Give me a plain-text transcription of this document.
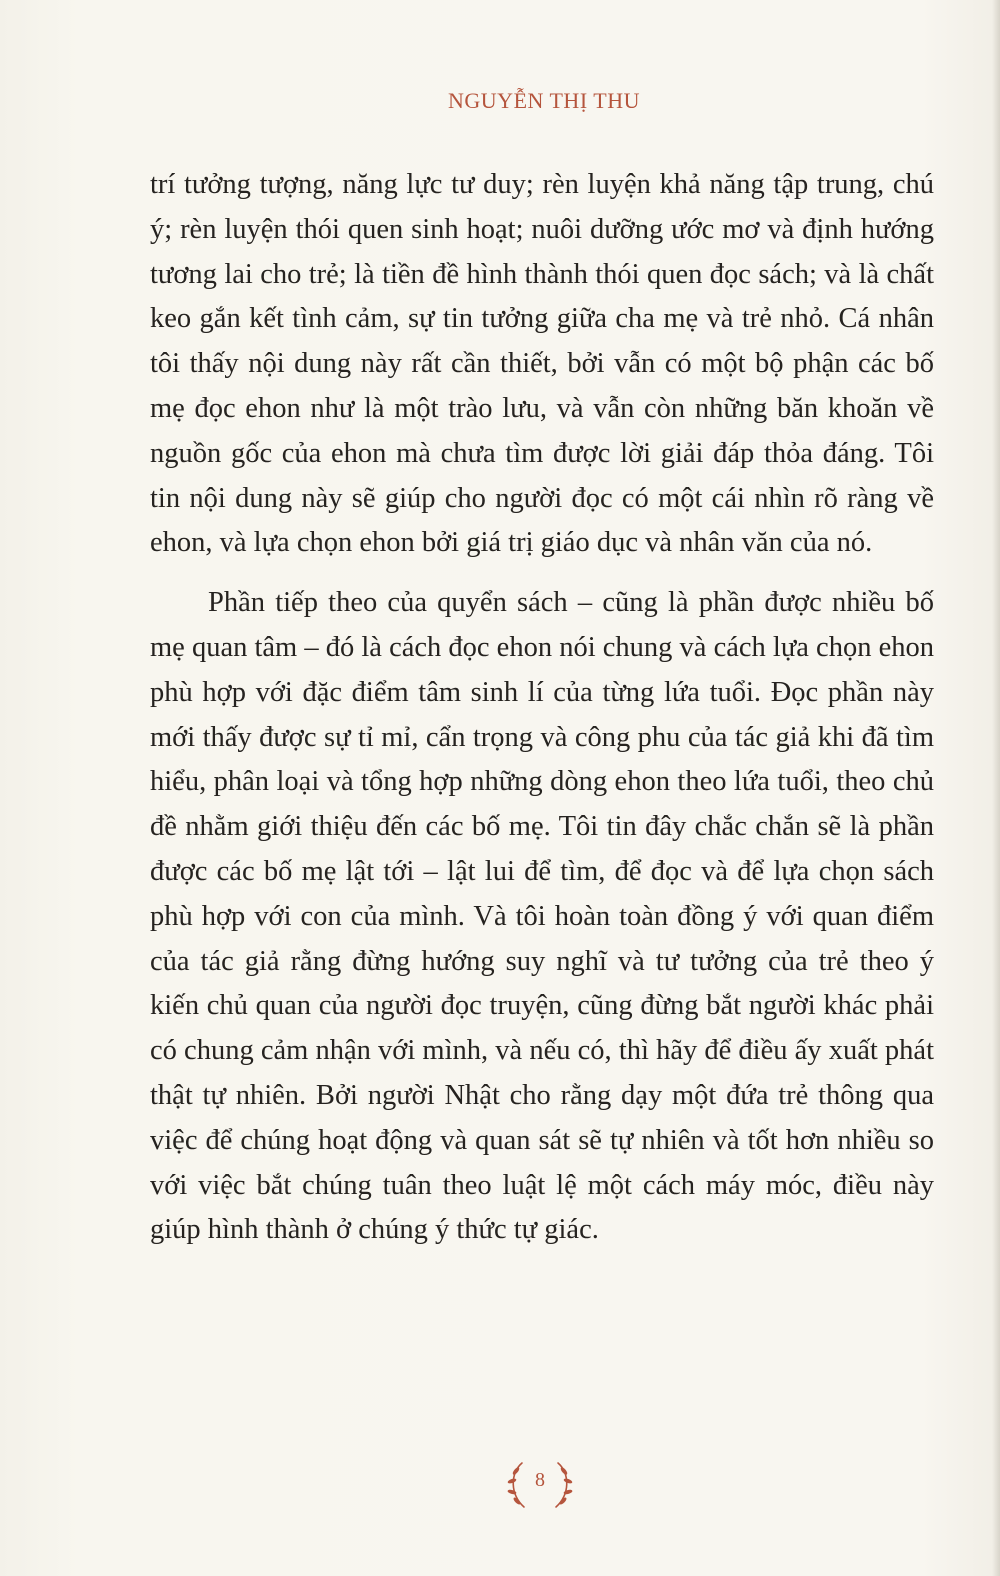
NGUYỄN THỊ THU

trí tưởng tượng, năng lực tư duy; rèn luyện khả năng tập trung, chú ý; rèn luyện thói quen sinh hoạt; nuôi dưỡng ước mơ và định hướng tương lai cho trẻ; là tiền đề hình thành thói quen đọc sách; và là chất keo gắn kết tình cảm, sự tin tưởng giữa cha mẹ và trẻ nhỏ. Cá nhân tôi thấy nội dung này rất cần thiết, bởi vẫn có một bộ phận các bố mẹ đọc ehon như là một trào lưu, và vẫn còn những băn khoăn về nguồn gốc của ehon mà chưa tìm được lời giải đáp thỏa đáng. Tôi tin nội dung này sẽ giúp cho người đọc có một cái nhìn rõ ràng về ehon, và lựa chọn ehon bởi giá trị giáo dục và nhân văn của nó.

Phần tiếp theo của quyển sách – cũng là phần được nhiều bố mẹ quan tâm – đó là cách đọc ehon nói chung và cách lựa chọn ehon phù hợp với đặc điểm tâm sinh lí của từng lứa tuổi. Đọc phần này mới thấy được sự tỉ mỉ, cẩn trọng và công phu của tác giả khi đã tìm hiểu, phân loại và tổng hợp những dòng ehon theo lứa tuổi, theo chủ đề nhằm giới thiệu đến các bố mẹ. Tôi tin đây chắc chắn sẽ là phần được các bố mẹ lật tới – lật lui để tìm, để đọc và để lựa chọn sách phù hợp với con của mình. Và tôi hoàn toàn đồng ý với quan điểm của tác giả rằng đừng hướng suy nghĩ và tư tưởng của trẻ theo ý kiến chủ quan của người đọc truyện, cũng đừng bắt người khác phải có chung cảm nhận với mình, và nếu có, thì hãy để điều ấy xuất phát thật tự nhiên. Bởi người Nhật cho rằng dạy một đứa trẻ thông qua việc để chúng hoạt động và quan sát sẽ tự nhiên và tốt hơn nhiều so với việc bắt chúng tuân theo luật lệ một cách máy móc, điều này giúp hình thành ở chúng ý thức tự giác.

8
